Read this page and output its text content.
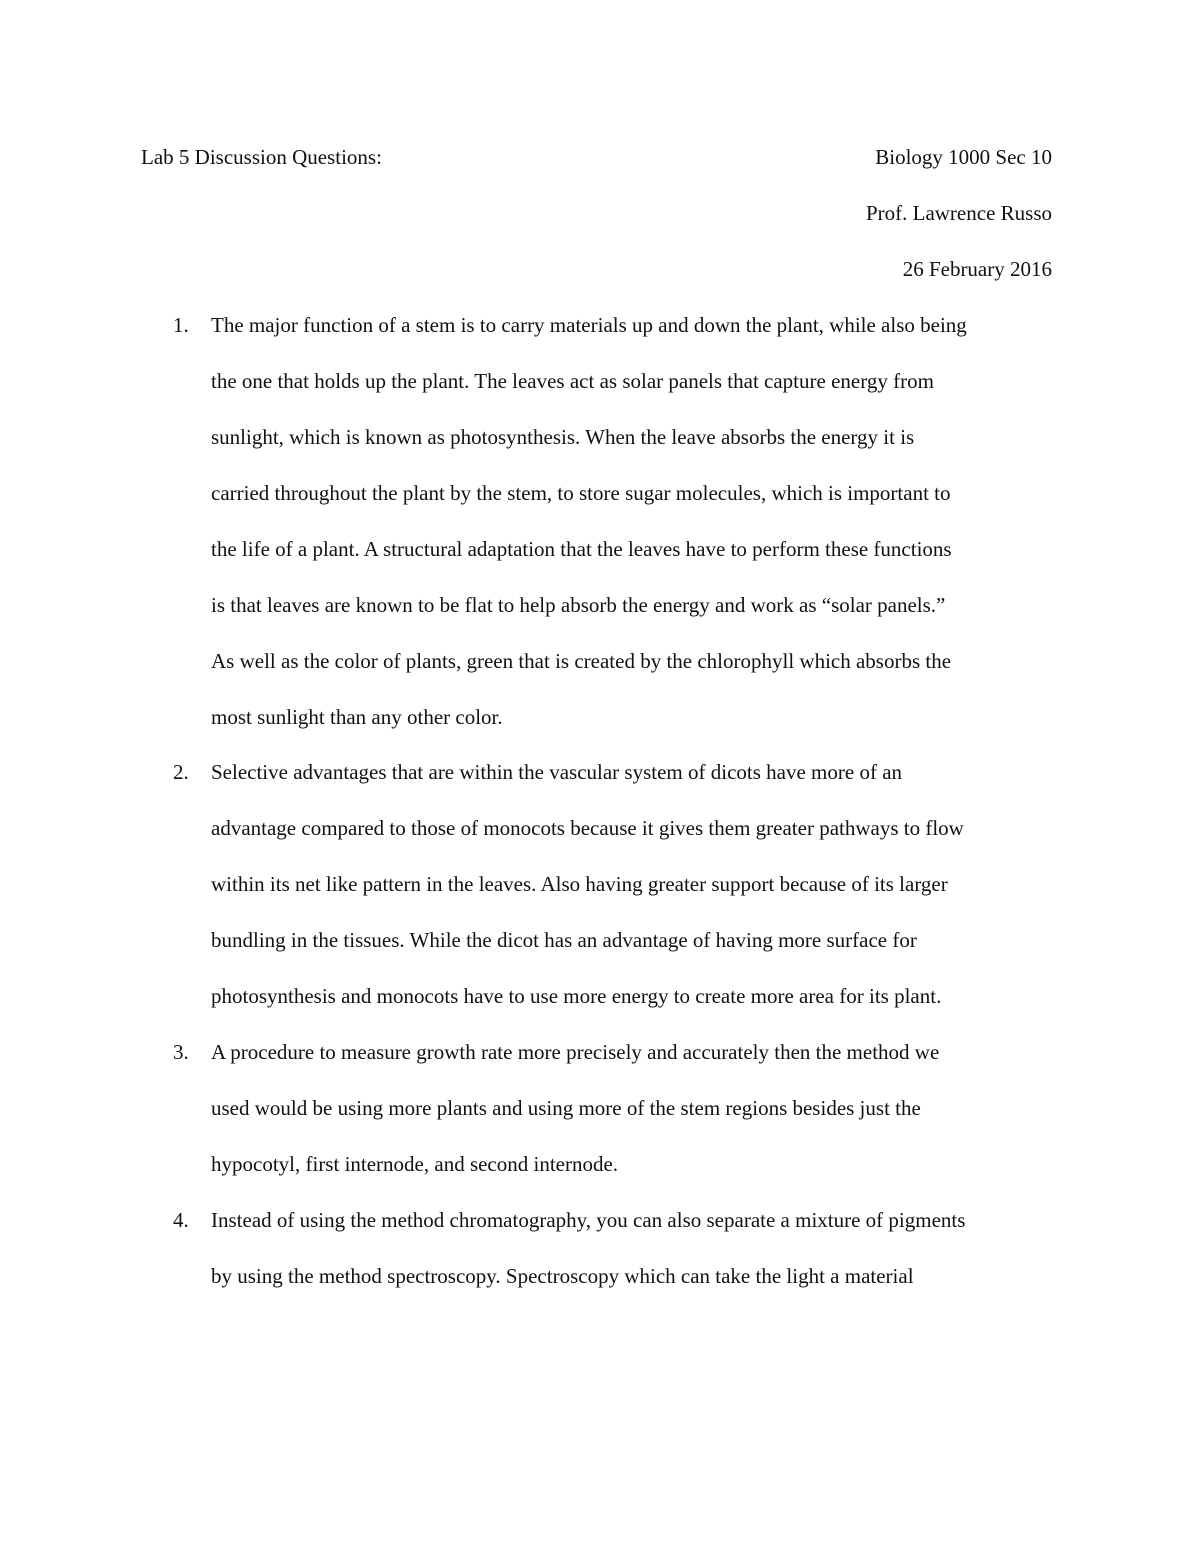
Lab 5 Discussion Questions:	Biology 1000 Sec 10
Prof. Lawrence Russo
26 February 2016
1. The major function of a stem is to carry materials up and down the plant, while also being
the one that holds up the plant. The leaves act as solar panels that capture energy from
sunlight, which is known as photosynthesis. When the leave absorbs the energy it is
carried throughout the plant by the stem, to store sugar molecules, which is important to
the life of a plant. A structural adaptation that the leaves have to perform these functions
is that leaves are known to be flat to help absorb the energy and work as “solar panels.”
As well as the color of plants, green that is created by the chlorophyll which absorbs the
most sunlight than any other color.
2. Selective advantages that are within the vascular system of dicots have more of an
advantage compared to those of monocots because it gives them greater pathways to flow
within its net like pattern in the leaves. Also having greater support because of its larger
bundling in the tissues. While the dicot has an advantage of having more surface for
photosynthesis and monocots have to use more energy to create more area for its plant.
3. A procedure to measure growth rate more precisely and accurately then the method we
used would be using more plants and using more of the stem regions besides just the
hypocotyl, first internode, and second internode.
4. Instead of using the method chromatography, you can also separate a mixture of pigments
by using the method spectroscopy. Spectroscopy which can take the light a material
